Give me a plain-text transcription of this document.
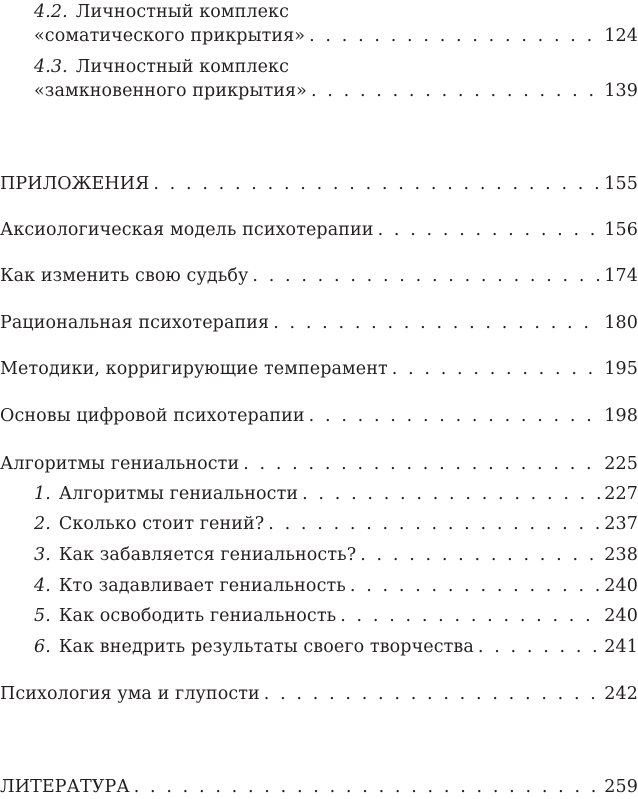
4.2. Личностный комплекс
«соматического прикрытия» . . .	124
4.3. Личностный комплекс
«замкновенного прикрытия» . . .	139
ПРИЛОЖЕНИЯ . . .	155
Аксиологическая модель психотерапии . . .	156
Как изменить свою судьбу . . .	174
Рациональная психотерапия . . .	180
Методики, корригирующие темперамент . . .	195
Основы цифровой психотерапии . . .	198
Алгоритмы гениальности . . .	225
1. Алгоритмы гениальности . . .	227
2. Сколько стоит гений? . . .	237
3. Как забавляется гениальность? . . .	238
4. Кто задавливает гениальность . . .	240
5. Как освободить гениальность . . .	240
6. Как внедрить результаты своего творчества . . .	241
Психология ума и глупости . . .	242
ЛИТЕРАТУРА . . .	259
